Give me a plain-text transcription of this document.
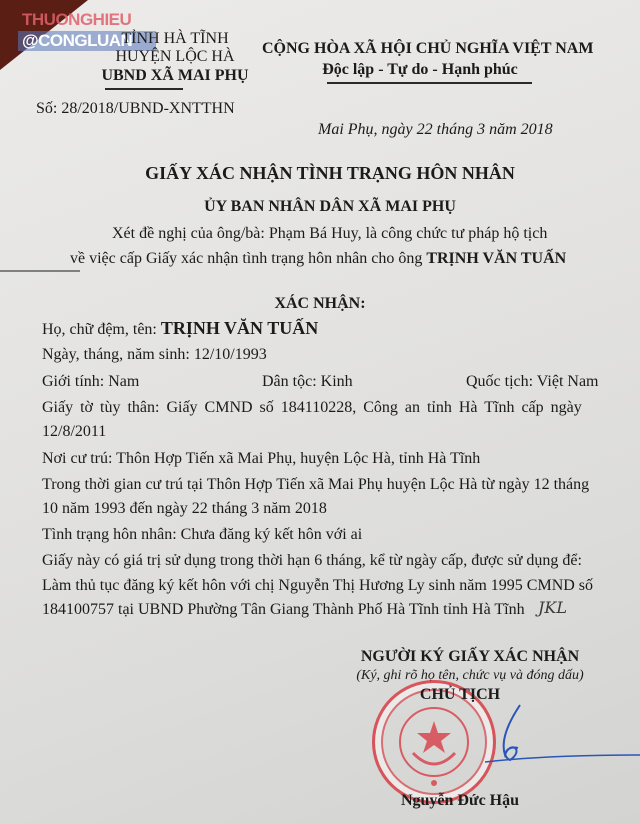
THUONGHIEU
@CONGLUAN
TỈNH HÀ TĨNH
HUYỆN LỘC HÀ
UBND XÃ MAI PHỤ
Số: 28/2018/UBND-XNTTHN
CỘNG HÒA XÃ HỘI CHỦ NGHĨA VIỆT NAM
Độc lập - Tự do - Hạnh phúc
Mai Phụ, ngày 22 tháng 3 năm 2018
GIẤY XÁC NHẬN TÌNH TRẠNG HÔN NHÂN
ỦY BAN NHÂN DÂN XÃ MAI PHỤ
Xét đề nghị của ông/bà: Phạm Bá Huy, là công chức tư pháp hộ tịch
về việc cấp Giấy xác nhận tình trạng hôn nhân cho ông TRỊNH VĂN TUẤN
XÁC NHẬN:
Họ, chữ đệm, tên: TRỊNH VĂN TUẤN
Ngày, tháng, năm sinh: 12/10/1993
Giới tính: Nam	Dân tộc: Kinh	Quốc tịch: Việt Nam
Giấy tờ tùy thân: Giấy CMND số 184110228, Công an tỉnh Hà Tĩnh cấp ngày
12/8/2011
Nơi cư trú: Thôn Hợp Tiến xã Mai Phụ, huyện Lộc Hà, tỉnh Hà Tĩnh
Trong thời gian cư trú tại Thôn Hợp Tiến xã Mai Phụ huyện Lộc Hà từ ngày 12 tháng
10 năm 1993 đến ngày 22 tháng 3 năm 2018
Tình trạng hôn nhân: Chưa đăng ký kết hôn với ai
Giấy này có giá trị sử dụng trong thời hạn 6 tháng, kể từ ngày cấp, được sử dụng để:
Làm thủ tục đăng ký kết hôn với chị Nguyễn Thị Hương Ly sinh năm 1995 CMND số
184100757 tại UBND Phường Tân Giang Thành Phố Hà Tĩnh tỉnh Hà Tĩnh JKL
NGƯỜI KÝ GIẤY XÁC NHẬN
(Ký, ghi rõ họ tên, chức vụ và đóng dấu)
CHỦ TỊCH
Nguyễn Đức Hậu
